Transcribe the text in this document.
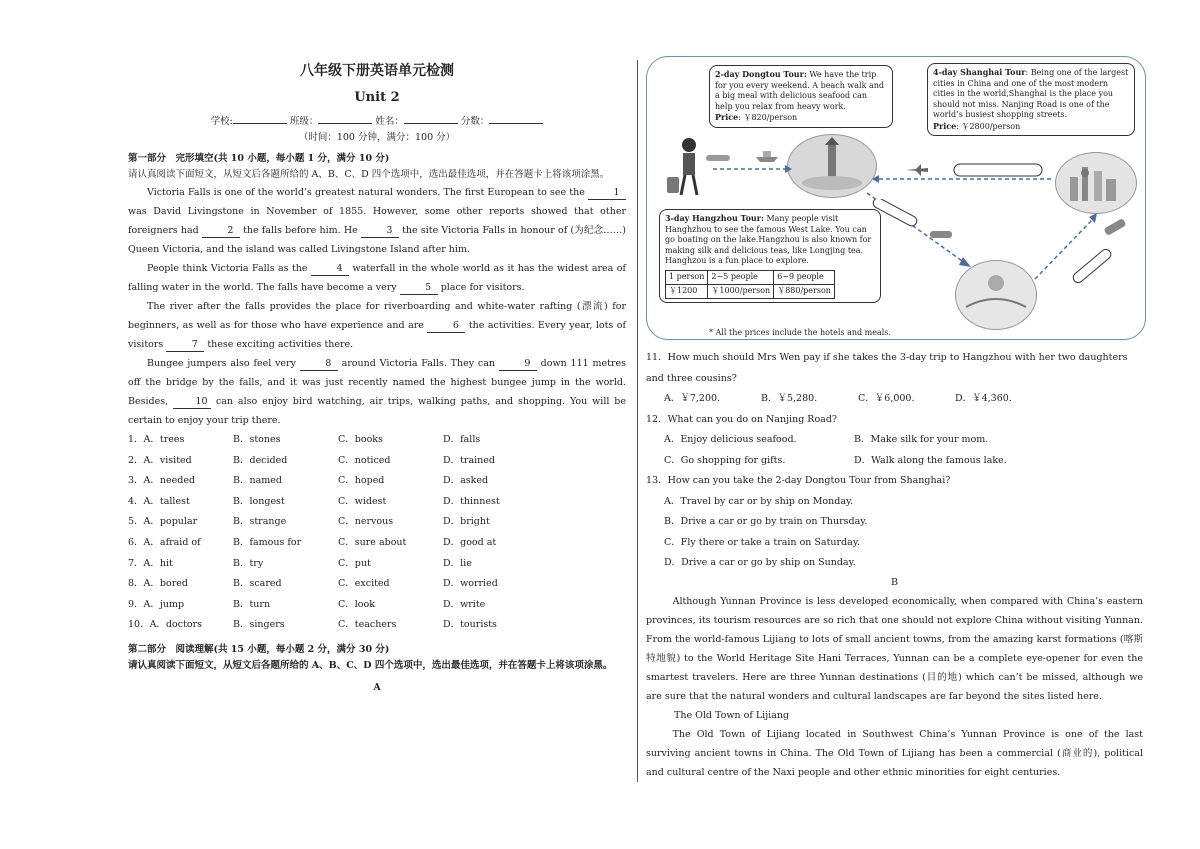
八年级下册英语单元检测
Unit 2
学校:	班级：	姓名：	分数：
（时间：100 分钟，满分：100 分）
第一部分　完形填空(共 10 小题，每小题 1 分，满分 10 分)
请认真阅读下面短文，从短文后各题所给的 A、B、C、D 四个选项中，选出最佳选项，并在答题卡上将该项涂黑。
Victoria Falls is one of the world’s greatest natural wonders. The first European to see the	1 was David Livingstone in November of 1855. However, some other reports showed that other foreigners had	2 the falls before him. He	3 the site Victoria Falls in honour of (为纪念……) Queen Victoria, and the island was called Livingstone Island after him.
People think Victoria Falls as the	4 waterfall in the whole world as it has the widest area of falling water in the world. The falls have become a very	5 place for visitors.
The river after the falls provides the place for riverboarding and white-water rafting (漂流) for beginners, as well as for those who have experience and are	6 the activities. Every year, lots of visitors	7 these exciting activities there.
Bungee jumpers also feel very	8 around Victoria Falls. They can	9 down 111 metres off the bridge by the falls, and it was just recently named the highest bungee jump in the world. Besides,	10 can also enjoy bird watching, air trips, walking paths, and shopping. You will be certain to enjoy your trip there.
1．A．trees	B．stones	C．books	D．falls
2．A．visited	B．decided	C．noticed	D．trained
3．A．needed	B．named	C．hoped	D．asked
4．A．tallest	B．longest	C．widest	D．thinnest
5．A．popular	B．strange	C．nervous	D．bright
6．A．afraid of	B．famous for	C．sure about	D．good at
7．A．hit	B．try	C．put	D．lie
8．A．bored	B．scared	C．excited	D．worried
9．A．jump	B．turn	C．look	D．write
10．A．doctors	B．singers	C．teachers	D．tourists
第二部分　阅读理解(共 15 小题，每小题 2 分，满分 30 分)
请认真阅读下面短文，从短文后各题所给的 A、B、C、D 四个选项中，选出最佳选项，并在答题卡上将该项涂黑。
A
2-day Dongtou Tour: We have the trip for you every weekend. A beach walk and a big meal with delicious seafood can help you relax from heavy work.
Price: ￥820/person
4-day Shanghai Tour: Being one of the largest cities in China and one of the most modern cities in the world,Shanghai is the place you should not miss. Nanjing Road is one of the world’s busiest shopping streets.
Price: ￥2800/person
3-day Hangzhou Tour: Many people visit Hanghzhou to see the famous West Lake. You can go boating on the lake.Hangzhou is also known for making silk and delicious teas, like Longjing tea. Hanghzou is a fun place to explore.
1 person	2~5 people	6~9 people
￥1200	￥1000/person	￥880/person
* All the prices include the hotels and meals.
11．How much should Mrs Wen pay if she takes the 3-day trip to Hangzhou with her two daughters and three cousins?
A．￥7,200.	B．￥5,280.	C．￥6,000.	D．￥4,360.
12．What can you do on Nanjing Road?
A．Enjoy delicious seafood.	B．Make silk for your mom.
C．Go shopping for gifts.	D．Walk along the famous lake.
13．How can you take the 2-day Dongtou Tour from Shanghai?
A．Travel by car or by ship on Monday.
B．Drive a car or go by train on Thursday.
C．Fly there or take a train on Saturday.
D．Drive a car or go by ship on Sunday.
B
Although Yunnan Province is less developed economically, when compared with China’s eastern provinces, its tourism resources are so rich that one should not explore China without visiting Yunnan. From the world-famous Lijiang to lots of small ancient towns, from the amazing karst formations (喀斯特地貌) to the World Heritage Site Hani Terraces, Yunnan can be a complete eye-opener for even the smartest travelers. Here are three Yunnan destinations (目的地) which can’t be missed, although we are sure that the natural wonders and cultural landscapes are far beyond the sites listed here.
The Old Town of Lijiang
The Old Town of Lijiang located in Southwest China’s Yunnan Province is one of the last surviving ancient towns in China. The Old Town of Lijiang has been a commercial (商业的), political and cultural centre of the Naxi people and other ethnic minorities for eight centuries.
